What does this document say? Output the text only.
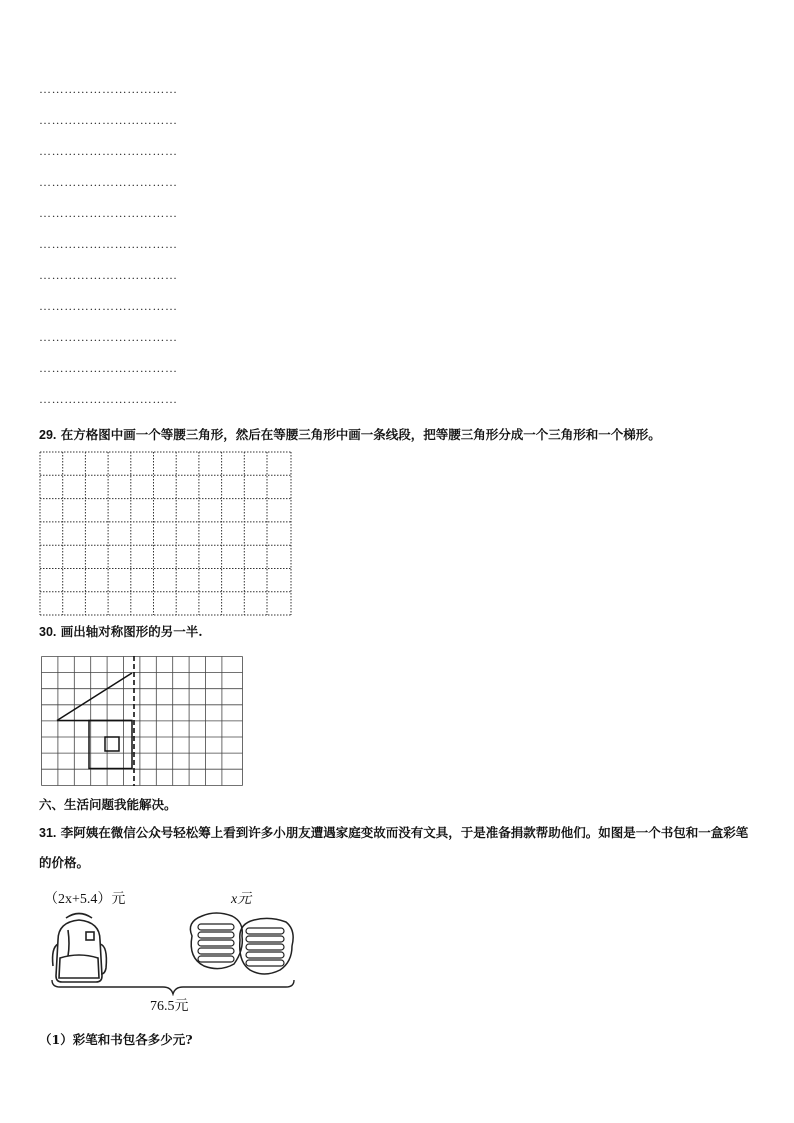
……………………………
……………………………
……………………………
……………………………
……………………………
……………………………
……………………………
……………………………
……………………………
……………………………
……………………………
29. 在方格图中画一个等腰三角形，然后在等腰三角形中画一条线段，把等腰三角形分成一个三角形和一个梯形。
30. 画出轴对称图形的另一半.
六、生活问题我能解决。
31. 李阿姨在微信公众号轻松筹上看到许多小朋友遭遇家庭变故而没有文具，于是准备捐款帮助他们。如图是一个书包和一盒彩笔的价格。
（2x+5.4）元	x元
76.5元
（1）彩笔和书包各多少元?
